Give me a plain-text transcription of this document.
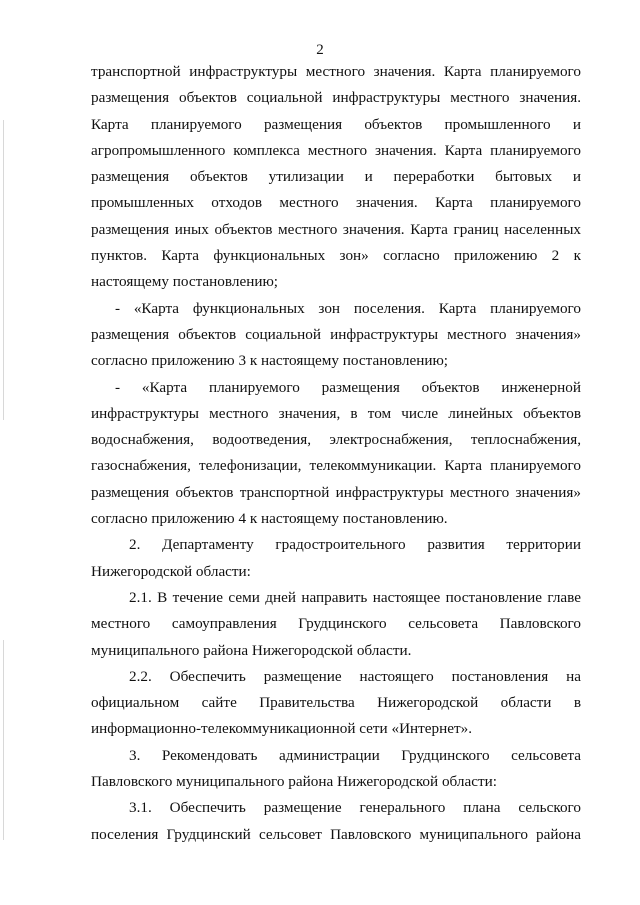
2
транспортной инфраструктуры местного значения. Карта планируемого
размещения объектов социальной инфраструктуры местного значения.
Карта планируемого размещения объектов промышленного и
агропромышленного комплекса местного значения. Карта планируемого
размещения объектов утилизации и переработки бытовых и
промышленных отходов местного значения. Карта планируемого
размещения иных объектов местного значения. Карта границ населенных
пунктов. Карта функциональных зон» согласно приложению 2 к
настоящему постановлению;
- «Карта функциональных зон поселения. Карта планируемого
размещения объектов социальной инфраструктуры местного значения»
согласно приложению 3 к настоящему постановлению;
- «Карта планируемого размещения объектов инженерной
инфраструктуры местного значения, в том числе линейных объектов
водоснабжения, водоотведения, электроснабжения, теплоснабжения,
газоснабжения, телефонизации, телекоммуникации. Карта планируемого
размещения объектов транспортной инфраструктуры местного значения»
согласно приложению 4 к настоящему постановлению.
2. Департаменту градостроительного развития территории
Нижегородской области:
2.1. В течение семи дней направить настоящее постановление главе
местного самоуправления Грудцинского сельсовета Павловского
муниципального района Нижегородской области.
2.2. Обеспечить размещение настоящего постановления на
официальном сайте Правительства Нижегородской области в
информационно-телекоммуникационной сети «Интернет».
3. Рекомендовать администрации Грудцинского сельсовета
Павловского муниципального района Нижегородской области:
3.1. Обеспечить размещение генерального плана сельского
поселения Грудцинский сельсовет Павловского муниципального района
